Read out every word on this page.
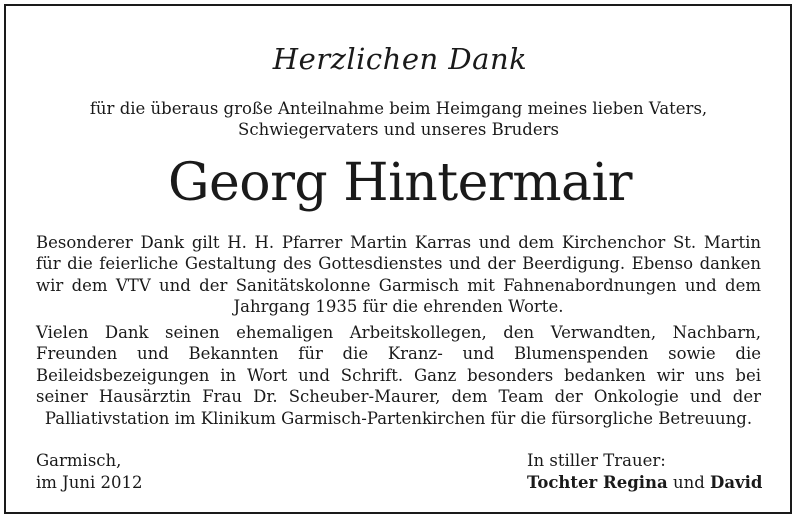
Herzlichen Dank
für die überaus große Anteilnahme beim Heimgang meines lieben Vaters, Schwiegervaters und unseres Bruders
Georg Hintermair
Besonderer Dank gilt H. H. Pfarrer Martin Karras und dem Kirchenchor St. Martin für die feierliche Gestaltung des Gottesdienstes und der Beerdigung. Ebenso danken wir dem VTV und der Sanitätskolonne Garmisch mit Fahnenabordnungen und dem Jahrgang 1935 für die ehrenden Worte.
Vielen Dank seinen ehemaligen Arbeitskollegen, den Verwandten, Nachbarn, Freunden und Bekannten für die Kranz- und Blumenspenden sowie die Beileidsbezeigungen in Wort und Schrift. Ganz besonders bedanken wir uns bei seiner Hausärztin Frau Dr. Scheuber-Maurer, dem Team der Onkologie und der Palliativstation im Klinikum Garmisch-Partenkirchen für die fürsorgliche Betreuung.
Garmisch,
im Juni 2012
In stiller Trauer:
Tochter Regina und David
